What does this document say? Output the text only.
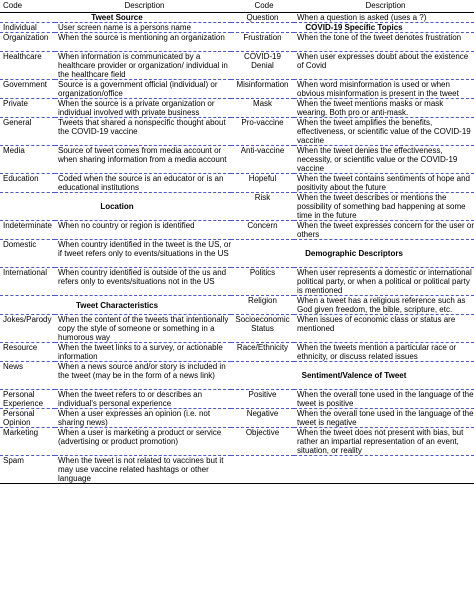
Code	Description	Code	Description
Tweet Source		Question	When a question is asked (uses a ?)
Individual	User screen name is a persons name	COVID-19 Specific Topics	
Organization	When the source is mentioning an organization	Frustration	When the tone of the tweet denotes frustration
Healthcare	When information is communicated by a healthcare provider or organization/ individual in the healthcare field	COVID-19 Denial	When user expresses doubt about the existence of Covid
Government	Source is a government official (individual) or organization/office	Misinformation	When word misinformation is used or when obvious misinformation is present in the tweet
Private	When the source is a private organization or individual involved with private business	Mask	When the tweet mentions masks or mask wearing. Both pro or anti-mask.
General	Tweets that shared a nonspecific thought about the COVID-19 vaccine	Pro-vaccine	When the tweet amplifies the benefits, effectiveness, or scientific value of the COVID-19 vaccine
Media	Source of tweet comes from media account or when sharing information from a media account	Anti-vaccine	When the tweet denies the effectiveness, necessity, or scientific value or the COVID-19 vaccine
Education	Coded when the source is an educator or is an educational institutions	Hopeful	When the tweet contains sentiments of hope and positivity about the future
Location		Risk	When the tweet describes or mentions the possibility of something bad happening at some time in the future
Indeterminate	When no country or region is identified	Concern	When the tweet expresses concern for the user or others
Domestic	When country identified in the tweet is the US, or if tweet refers only to events/situations in the US	Demographic Descriptors	
International	When country identified is outside of the us and refers only to events/situations not in the US	Politics	When user represents a domestic or international political party, or when a political or political party is mentioned
Tweet Characteristics		Religion	When a tweet has a religious reference such as God given freedom, the bible, scripture, etc.
Jokes/Parody	When the content of the tweets that intentionally copy the style of someone or something in a humorous way	Socioeconomic Status	When issues of economic class or status are mentioned
Resource	When the tweet links to a survey, or actionable information	Race/Ethnicity	When the tweets mention a particular race or ethnicity, or discuss related issues
News	When a news source and/or story is included in the tweet (may be in the form of a news link)	Sentiment/Valence of Tweet	
Personal Experience	When the tweet refers to or describes an individual's personal experience	Positive	When the overall tone used in the language of the tweet is positive
Personal Opinion	When a user expresses an opinion (i.e. not sharing news)	Negative	When the overall tone used in the language of the tweet is negative
Marketing	When a user is marketing a product or service (advertising or product promotion)	Objective	When the tweet does not present with bias, but rather an impartial representation of an event, situation, or reality
Spam	When the tweet is not related to vaccines but it may use vaccine related hashtags or other language		
